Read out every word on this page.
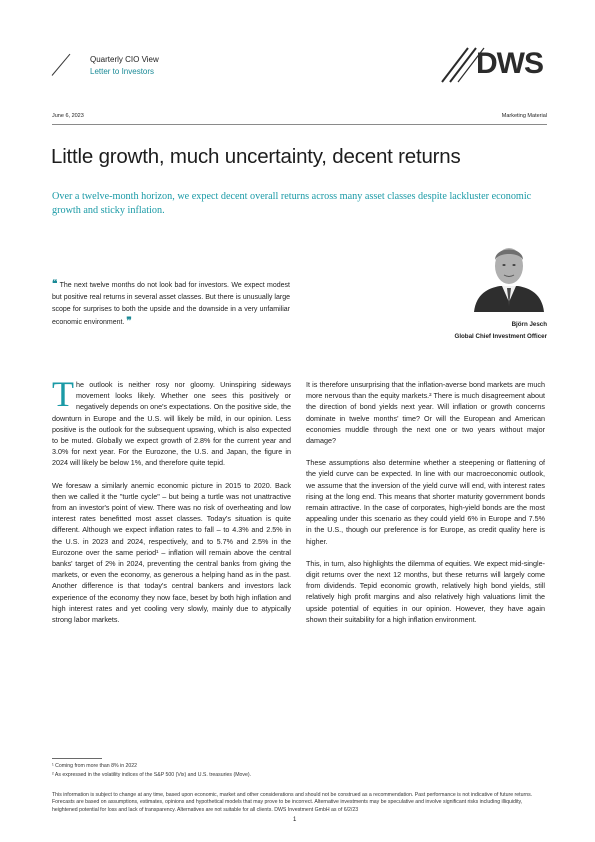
Quarterly CIO View
Letter to Investors	DWS
June 6, 2023	Marketing Material
Little growth, much uncertainty, decent returns
Over a twelve-month horizon, we expect decent overall returns across many asset classes despite lackluster economic growth and sticky inflation.
❝ The next twelve months do not look bad for investors. We expect modest but positive real returns in several asset classes. But there is unusually large scope for surprises to both the upside and the downside in a very unfamiliar economic environment. ❞	Björn Jesch
Global Chief Investment Officer

The outlook is neither rosy nor gloomy. Uninspiring sideways movement looks likely. Whether one sees this positively or negatively depends on one's expectations. On the positive side, the downturn in Europe and the U.S. will likely be mild, in our opinion. Less positive is the outlook for the subsequent upswing, which is also expected to be muted. Globally we expect growth of 2.8% for the current year and 3.0% for next year. For the Eurozone, the U.S. and Japan, the figure in 2024 will likely be below 1%, and therefore quite tepid.

We foresaw a similarly anemic economic picture in 2015 to 2020. Back then we called it the "turtle cycle" – but being a turtle was not unattractive from an investor's point of view. There was no risk of overheating and low interest rates benefitted most asset classes. Today's situation is quite different. Although we expect inflation rates to fall – to 4.3% and 2.5% in the U.S. in 2023 and 2024, respectively, and to 5.7% and 2.5% in the Eurozone over the same period¹ – inflation will remain above the central banks' target of 2% in 2024, preventing the central banks from giving the markets, or even the economy, as generous a helping hand as in the past. Another difference is that today's central bankers and investors lack experience of the economy they now face, beset by both high inflation and high interest rates and yet cooling very slowly, mainly due to atypically strong labor markets.

It is therefore unsurprising that the inflation-averse bond markets are much more nervous than the equity markets.² There is much disagreement about the direction of bond yields next year. Will inflation or growth concerns dominate in twelve months' time? Or will the European and American economies muddle through the next one or two years without major damage?

These assumptions also determine whether a steepening or flattening of the yield curve can be expected. In line with our macroeconomic outlook, we assume that the inversion of the yield curve will end, with interest rates rising at the long end. This means that shorter maturity government bonds remain attractive. In the case of corporates, high-yield bonds are the most appealing under this scenario as they could yield 6% in Europe and 7.5% in the U.S., though our preference is for Europe, as credit quality here is higher.

This, in turn, also highlights the dilemma of equities. We expect mid-single-digit returns over the next 12 months, but these returns will largely come from dividends. Tepid economic growth, relatively high bond yields, still relatively high profit margins and also relatively high valuations limit the upside potential of equities in our opinion. However, they have again shown their suitability for a high inflation environment.

¹ Coming from more than 8% in 2022
² As expressed in the volatility indices of the S&P 500 (Vix) and U.S. treasuries (Move).
This information is subject to change at any time, based upon economic, market and other considerations and should not be construed as a recommendation. Past performance is not indicative of future returns. Forecasts are based on assumptions, estimates, opinions and hypothetical models that may prove to be incorrect. Alternative investments may be speculative and involve significant risks including illiquidity, heightened potential for loss and lack of transparency. Alternatives are not suitable for all clients. DWS Investment GmbH as of 6/2/23
1
